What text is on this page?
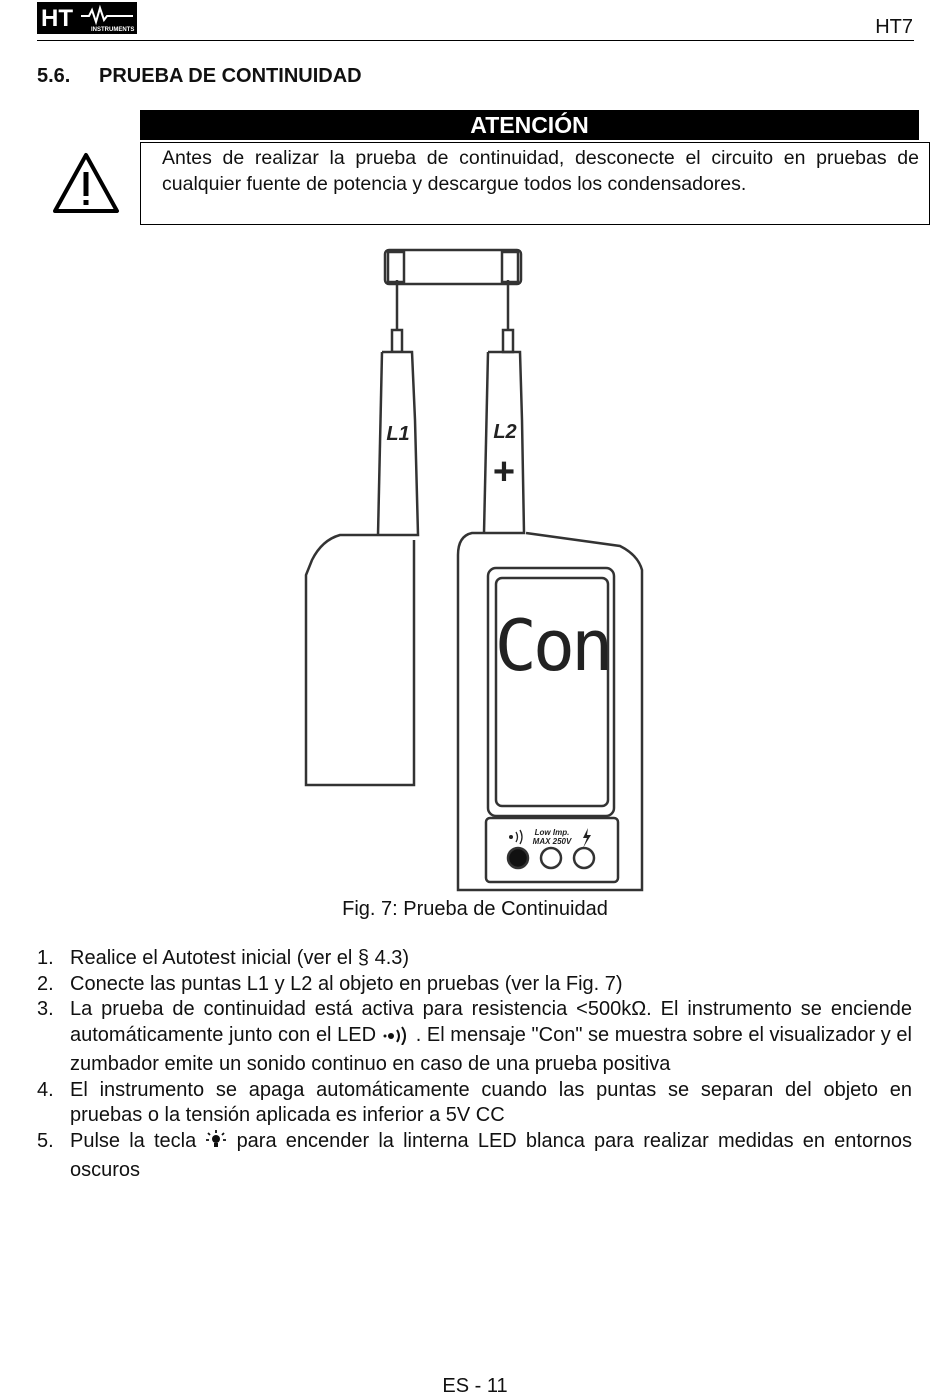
HT	INSTRUMENTS	HT7
5.6. PRUEBA DE CONTINUIDAD
ATENCIÓN
Antes de realizar la prueba de continuidad, desconecte el circuito en pruebas de cualquier fuente de potencia y descargue todos los condensadores.
L1	L2
+
Con
Low Imp.
MAX 250V
Fig. 7: Prueba de Continuidad
1. Realice el Autotest inicial (ver el § 4.3)
2. Conecte las puntas L1 y L2 al objeto en pruebas (ver la Fig. 7)
3. La prueba de continuidad está activa para resistencia <500kΩ. El instrumento se enciende automáticamente junto con el LED . El mensaje "Con" se muestra sobre el visualizador y el zumbador emite un sonido continuo en caso de una prueba positiva
4. El instrumento se apaga automáticamente cuando las puntas se separan del objeto en pruebas o la tensión aplicada es inferior a 5V CC
5. Pulse la tecla para encender la linterna LED blanca para realizar medidas en entornos oscuros
ES - 11
